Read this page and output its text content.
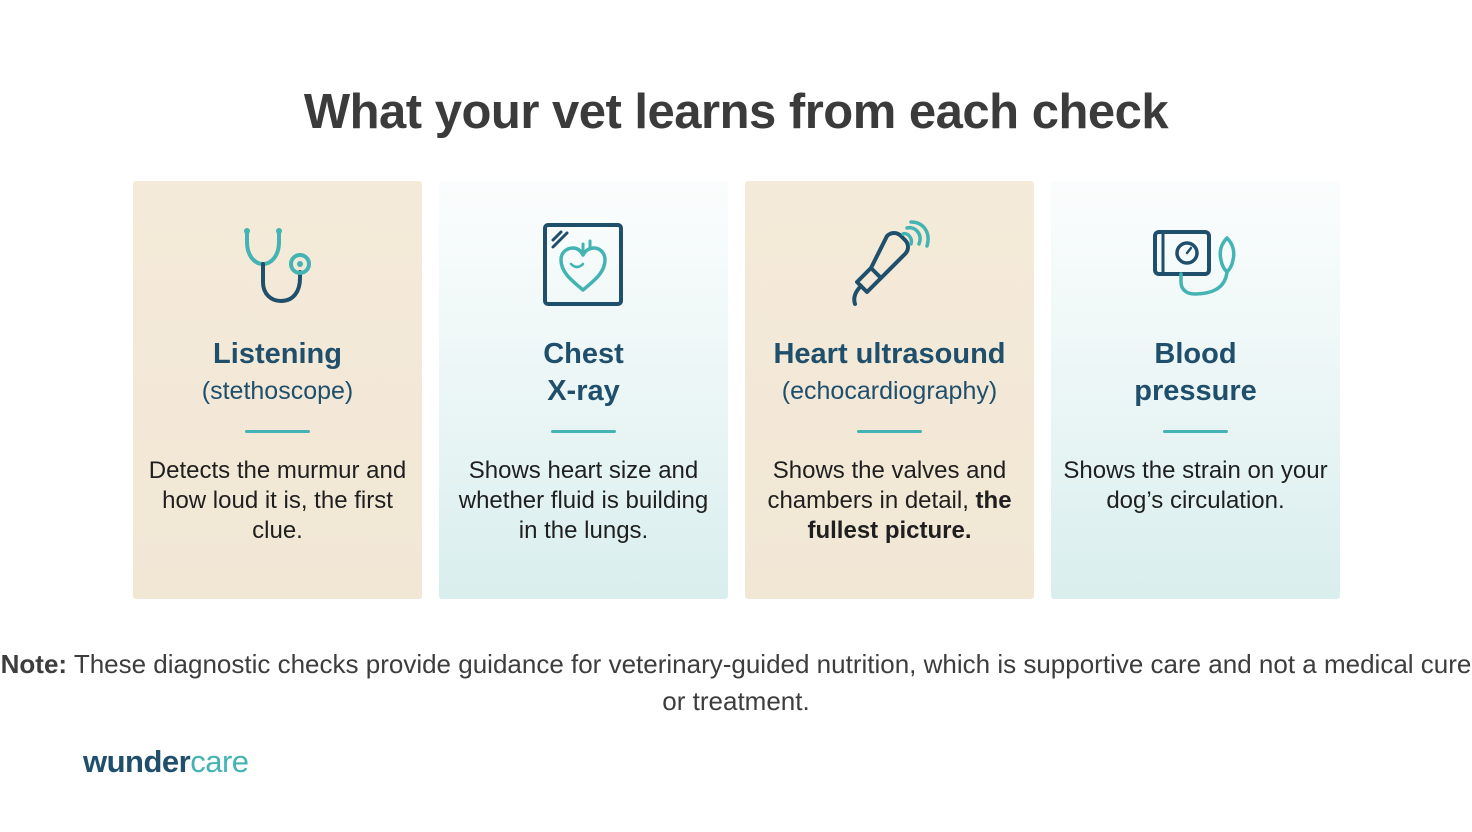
What your vet learns from each check
Listening
(stethoscope)
Detects the murmur and how loud it is, the first clue.
Chest
X-ray
Shows heart size and whether fluid is building in the lungs.
Heart ultrasound
(echocardiography)
Shows the valves and chambers in detail, the fullest picture.
Blood
pressure
Shows the strain on your dog’s circulation.
Note: These diagnostic checks provide guidance for veterinary-guided nutrition, which is supportive care and not a medical cure or treatment.
wundercare
